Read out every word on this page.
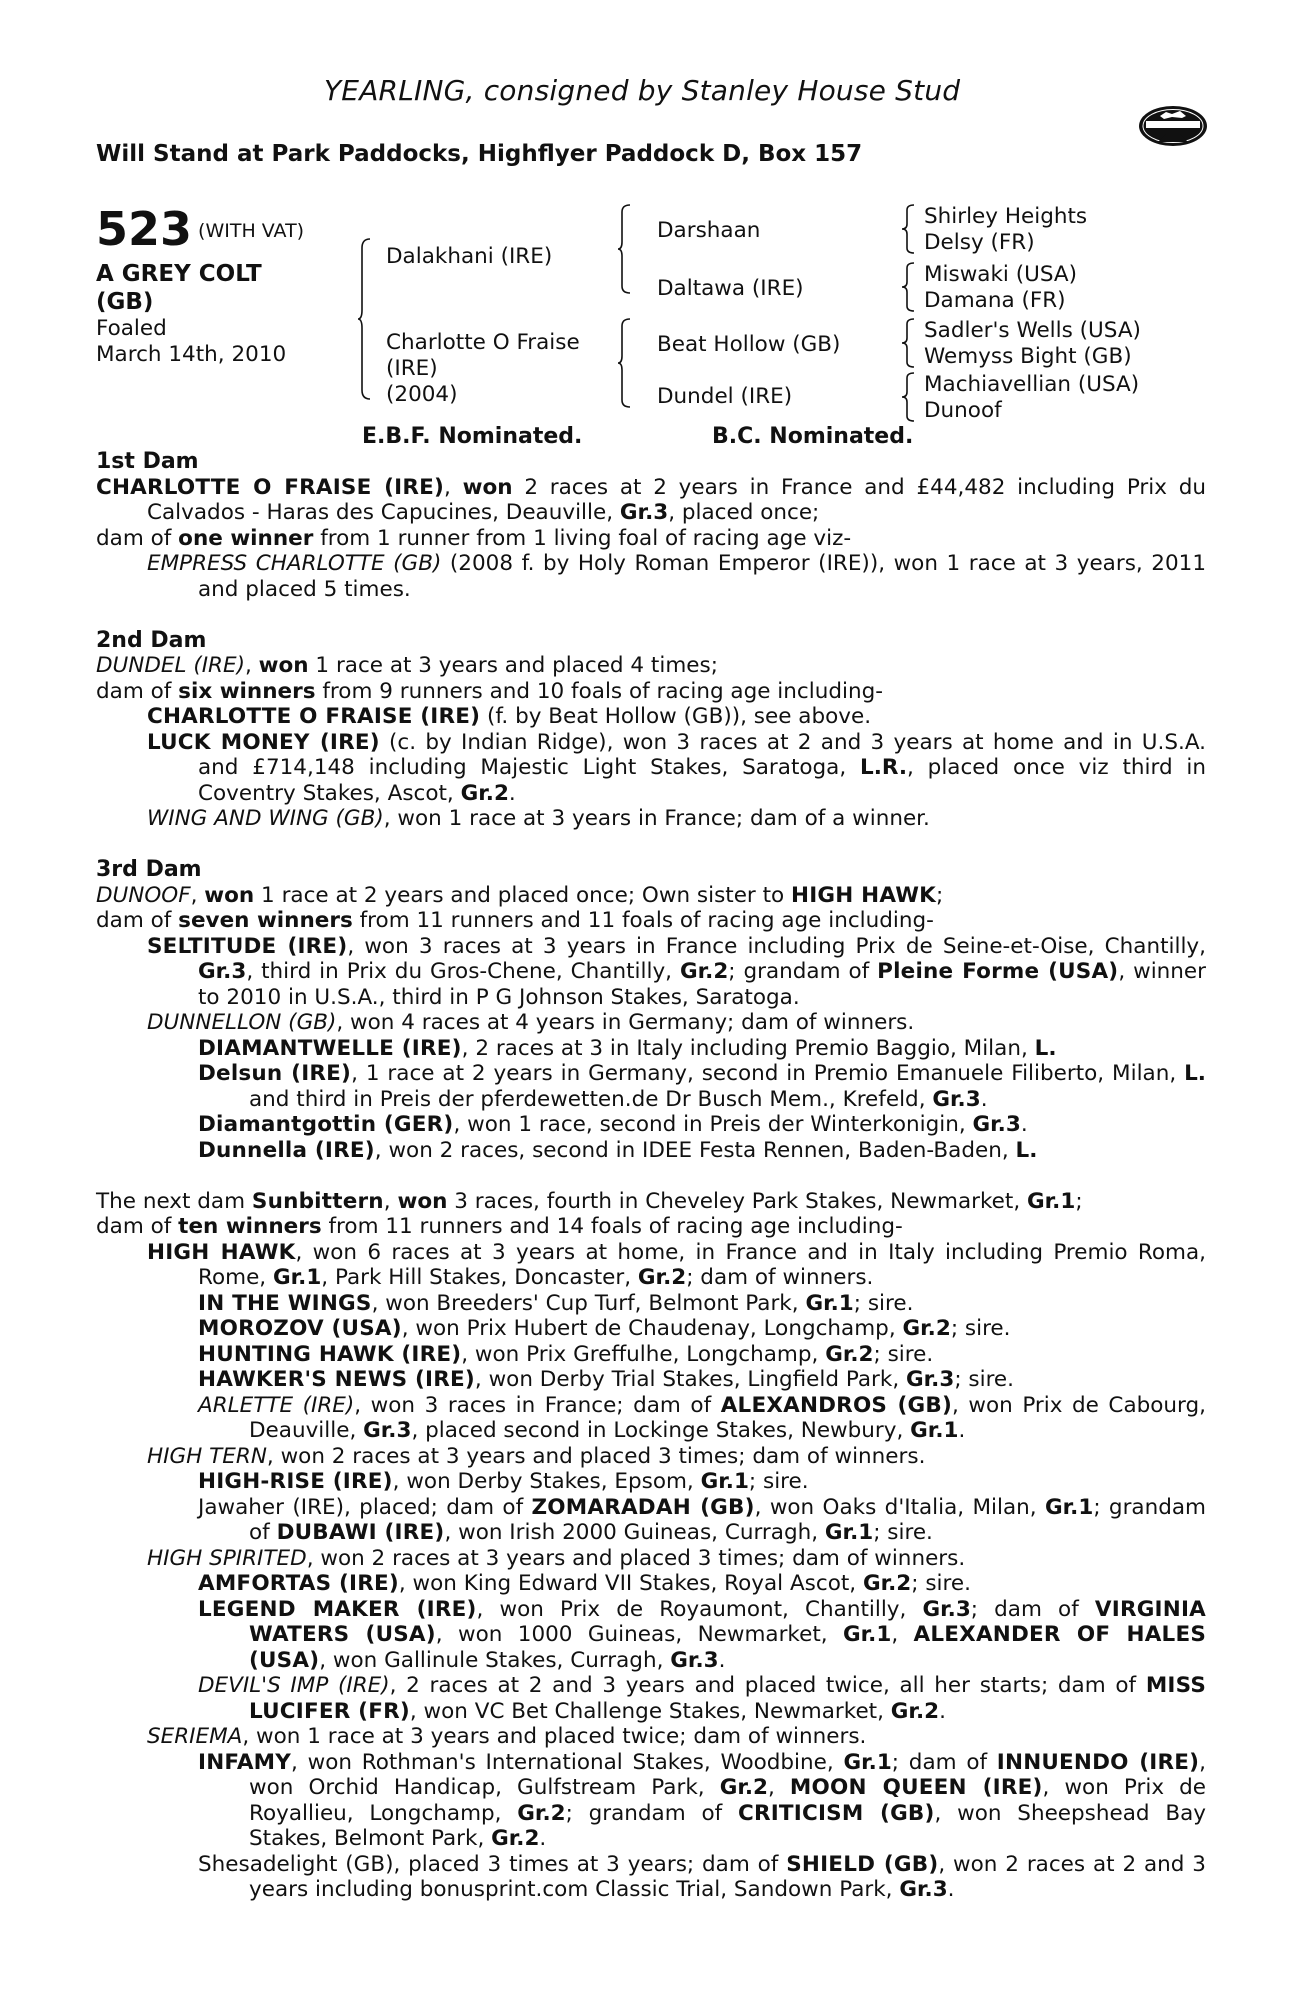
YEARLING, consigned by Stanley House Stud
Will Stand at Park Paddocks, Highflyer Paddock D, Box 157
523 (WITH VAT)
A GREY COLT
(GB)
Foaled
March 14th, 2010
Dalakhani (IRE)
Charlotte O Fraise
(IRE)
(2004)
Darshaan
Daltawa (IRE)
Beat Hollow (GB)
Dundel (IRE)
Shirley Heights
Delsy (FR)
Miswaki (USA)
Damana (FR)
Sadler's Wells (USA)
Wemyss Bight (GB)
Machiavellian (USA)
Dunoof
E.B.F. Nominated.	B.C. Nominated.
1st Dam
CHARLOTTE O FRAISE (IRE), won 2 races at 2 years in France and £44,482 including Prix du Calvados - Haras des Capucines, Deauville, Gr.3, placed once;
dam of one winner from 1 runner from 1 living foal of racing age viz-
EMPRESS CHARLOTTE (GB) (2008 f. by Holy Roman Emperor (IRE)), won 1 race at 3 years, 2011 and placed 5 times.
2nd Dam
DUNDEL (IRE), won 1 race at 3 years and placed 4 times;
dam of six winners from 9 runners and 10 foals of racing age including-
CHARLOTTE O FRAISE (IRE) (f. by Beat Hollow (GB)), see above.
LUCK MONEY (IRE) (c. by Indian Ridge), won 3 races at 2 and 3 years at home and in U.S.A. and £714,148 including Majestic Light Stakes, Saratoga, L.R., placed once viz third in Coventry Stakes, Ascot, Gr.2.
WING AND WING (GB), won 1 race at 3 years in France; dam of a winner.
3rd Dam
DUNOOF, won 1 race at 2 years and placed once; Own sister to HIGH HAWK;
dam of seven winners from 11 runners and 11 foals of racing age including-
SELTITUDE (IRE), won 3 races at 3 years in France including Prix de Seine-et-Oise, Chantilly, Gr.3, third in Prix du Gros-Chene, Chantilly, Gr.2; grandam of Pleine Forme (USA), winner to 2010 in U.S.A., third in P G Johnson Stakes, Saratoga.
DUNNELLON (GB), won 4 races at 4 years in Germany; dam of winners.
DIAMANTWELLE (IRE), 2 races at 3 in Italy including Premio Baggio, Milan, L.
Delsun (IRE), 1 race at 2 years in Germany, second in Premio Emanuele Filiberto, Milan, L. and third in Preis der pferdewetten.de Dr Busch Mem., Krefeld, Gr.3.
Diamantgottin (GER), won 1 race, second in Preis der Winterkonigin, Gr.3.
Dunnella (IRE), won 2 races, second in IDEE Festa Rennen, Baden-Baden, L.
The next dam Sunbittern, won 3 races, fourth in Cheveley Park Stakes, Newmarket, Gr.1;
dam of ten winners from 11 runners and 14 foals of racing age including-
HIGH HAWK, won 6 races at 3 years at home, in France and in Italy including Premio Roma, Rome, Gr.1, Park Hill Stakes, Doncaster, Gr.2; dam of winners.
IN THE WINGS, won Breeders' Cup Turf, Belmont Park, Gr.1; sire.
MOROZOV (USA), won Prix Hubert de Chaudenay, Longchamp, Gr.2; sire.
HUNTING HAWK (IRE), won Prix Greffulhe, Longchamp, Gr.2; sire.
HAWKER'S NEWS (IRE), won Derby Trial Stakes, Lingfield Park, Gr.3; sire.
ARLETTE (IRE), won 3 races in France; dam of ALEXANDROS (GB), won Prix de Cabourg, Deauville, Gr.3, placed second in Lockinge Stakes, Newbury, Gr.1.
HIGH TERN, won 2 races at 3 years and placed 3 times; dam of winners.
HIGH-RISE (IRE), won Derby Stakes, Epsom, Gr.1; sire.
Jawaher (IRE), placed; dam of ZOMARADAH (GB), won Oaks d'Italia, Milan, Gr.1; grandam of DUBAWI (IRE), won Irish 2000 Guineas, Curragh, Gr.1; sire.
HIGH SPIRITED, won 2 races at 3 years and placed 3 times; dam of winners.
AMFORTAS (IRE), won King Edward VII Stakes, Royal Ascot, Gr.2; sire.
LEGEND MAKER (IRE), won Prix de Royaumont, Chantilly, Gr.3; dam of VIRGINIA WATERS (USA), won 1000 Guineas, Newmarket, Gr.1, ALEXANDER OF HALES (USA), won Gallinule Stakes, Curragh, Gr.3.
DEVIL'S IMP (IRE), 2 races at 2 and 3 years and placed twice, all her starts; dam of MISS LUCIFER (FR), won VC Bet Challenge Stakes, Newmarket, Gr.2.
SERIEMA, won 1 race at 3 years and placed twice; dam of winners.
INFAMY, won Rothman's International Stakes, Woodbine, Gr.1; dam of INNUENDO (IRE), won Orchid Handicap, Gulfstream Park, Gr.2, MOON QUEEN (IRE), won Prix de Royallieu, Longchamp, Gr.2; grandam of CRITICISM (GB), won Sheepshead Bay Stakes, Belmont Park, Gr.2.
Shesadelight (GB), placed 3 times at 3 years; dam of SHIELD (GB), won 2 races at 2 and 3 years including bonusprint.com Classic Trial, Sandown Park, Gr.3.
